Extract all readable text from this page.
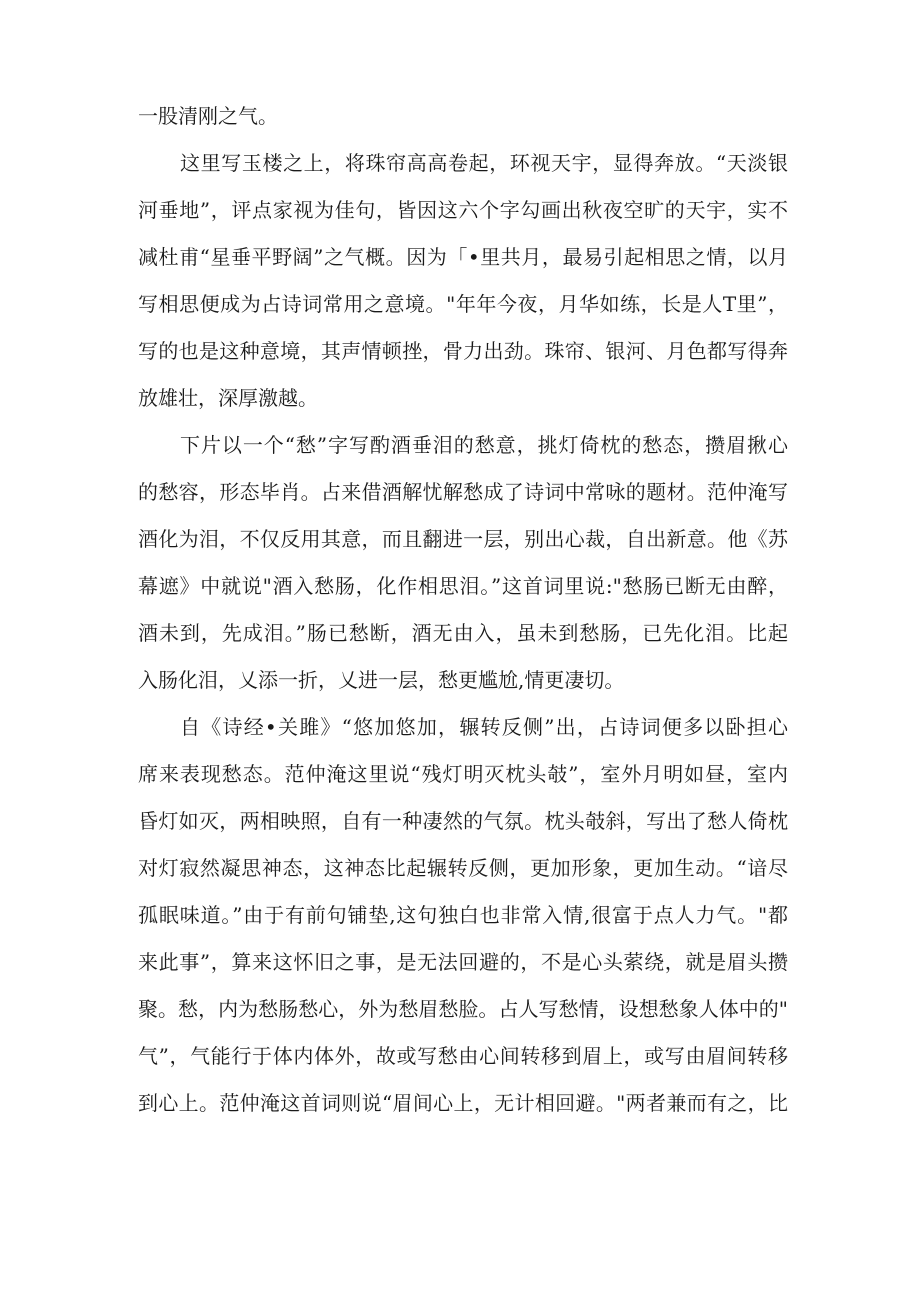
一股清刚之气。
这里写玉楼之上，将珠帘高高卷起，环视天宇，显得奔放。“天淡银
河垂地”，评点家视为佳句，皆因这六个字勾画出秋夜空旷的天宇，实不
减杜甫“星垂平野阔”之气概。因为「•里共月，最易引起相思之情，以月
写相思便成为占诗词常用之意境。"年年今夜，月华如练，长是人T里”，
写的也是这种意境，其声情顿挫，骨力出劲。珠帘、银河、月色都写得奔
放雄壮，深厚激越。
下片以一个“愁”字写酌酒垂泪的愁意，挑灯倚枕的愁态，攒眉揪心
的愁容，形态毕肖。占来借酒解忧解愁成了诗词中常咏的题材。范仲淹写
酒化为泪，不仅反用其意，而且翻进一层，别出心裁，自出新意。他《苏
幕遮》中就说"酒入愁肠，化作相思泪。”这首词里说:"愁肠已断无由醉，
酒未到，先成泪。”肠已愁断，酒无由入，虽未到愁肠，已先化泪。比起
入肠化泪，乂添一折，乂进一层，愁更尴尬,情更凄切。
自《诗经•关雎》“悠加悠加，辗转反侧”出，占诗词便多以卧担心
席来表现愁态。范仲淹这里说“残灯明灭枕头攲”，室外月明如昼，室内
昏灯如灭，两相映照，自有一种凄然的气氛。枕头攲斜，写出了愁人倚枕
对灯寂然凝思神态，这神态比起辗转反侧，更加形象，更加生动。“谙尽
孤眠味道。”由于有前句铺垫,这句独白也非常入情,很富于点人力气。"都
来此事”，算来这怀旧之事，是无法回避的，不是心头萦绕，就是眉头攒
聚。愁，内为愁肠愁心，外为愁眉愁脸。占人写愁情，设想愁象人体中的"
气”，气能行于体内体外，故或写愁由心间转移到眉上，或写由眉间转移
到心上。范仲淹这首词则说“眉间心上，无计相回避。"两者兼而有之，比
